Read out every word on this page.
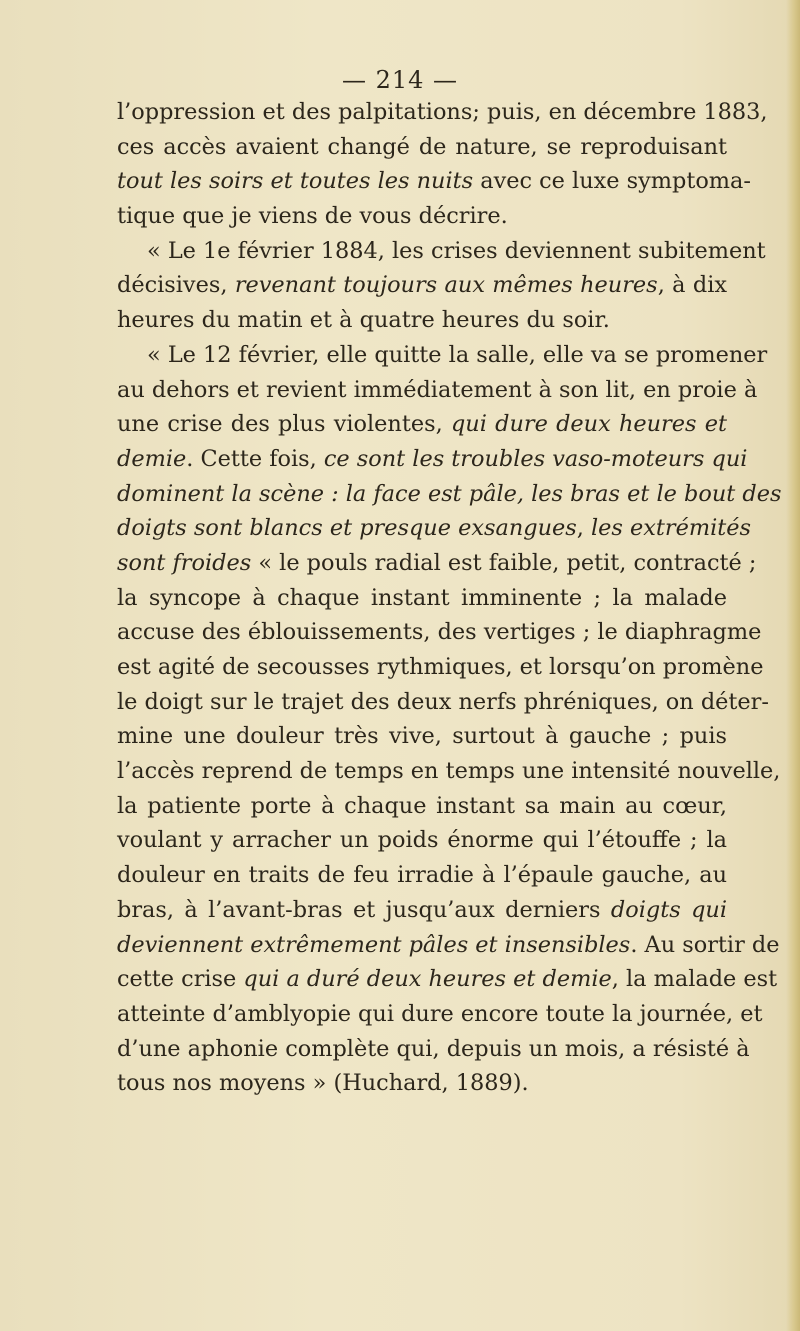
— 214 —
l’oppression et des palpitations; puis, en décembre 1883,
ces accès avaient changé de nature, se reproduisant
tout les soirs et toutes les nuits avec ce luxe symptoma-
tique que je viens de vous décrire.
« Le 1e février 1884, les crises deviennent subitement
décisives, revenant toujours aux mêmes heures, à dix
heures du matin et à quatre heures du soir.
« Le 12 février, elle quitte la salle, elle va se promener
au dehors et revient immédiatement à son lit, en proie à
une crise des plus violentes, qui dure deux heures et
demie. Cette fois, ce sont les troubles vaso-moteurs qui
dominent la scène : la face est pâle, les bras et le bout des
doigts sont blancs et presque exsangues, les extrémités
sont froides « le pouls radial est faible, petit, contracté ;
la syncope à chaque instant imminente ; la malade
accuse des éblouissements, des vertiges ; le diaphragme
est agité de secousses rythmiques, et lorsqu’on promène
le doigt sur le trajet des deux nerfs phréniques, on déter-
mine une douleur très vive, surtout à gauche ; puis
l’accès reprend de temps en temps une intensité nouvelle,
la patiente porte à chaque instant sa main au cœur,
voulant y arracher un poids énorme qui l’étouffe ; la
douleur en traits de feu irradie à l’épaule gauche, au
bras, à l’avant-bras et jusqu’aux derniers doigts qui
deviennent extrêmement pâles et insensibles. Au sortir de
cette crise qui a duré deux heures et demie, la malade est
atteinte d’amblyopie qui dure encore toute la journée, et
d’une aphonie complète qui, depuis un mois, a résisté à
tous nos moyens » (Huchard, 1889).
